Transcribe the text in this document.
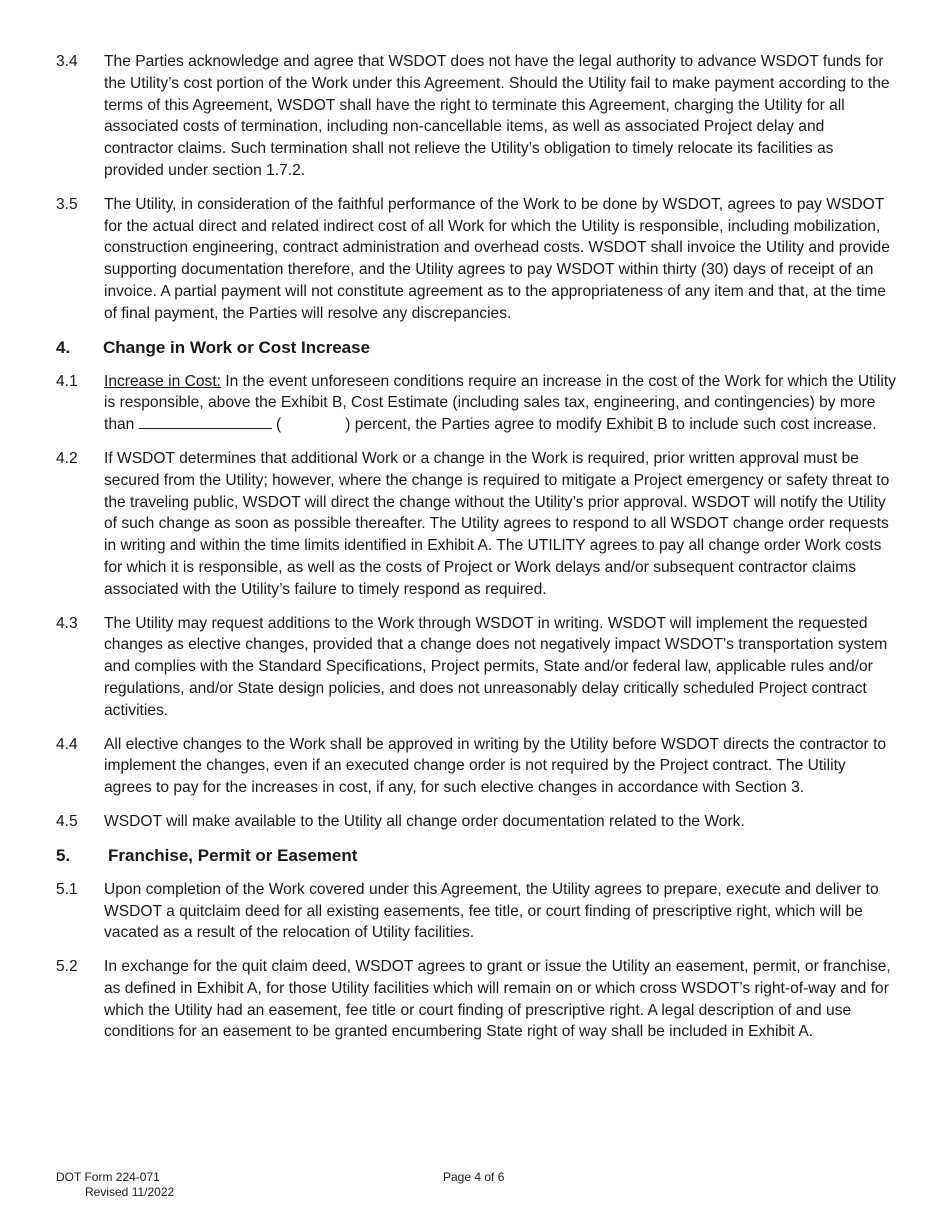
3.4	The Parties acknowledge and agree that WSDOT does not have the legal authority to advance WSDOT funds for the Utility’s cost portion of the Work under this Agreement. Should the Utility fail to make payment according to the terms of this Agreement, WSDOT shall have the right to terminate this Agreement, charging the Utility for all associated costs of termination, including non-cancellable items, as well as associated Project delay and contractor claims. Such termination shall not relieve the Utility’s obligation to timely relocate its facilities as provided under section 1.7.2.
3.5	The Utility, in consideration of the faithful performance of the Work to be done by WSDOT, agrees to pay WSDOT for the actual direct and related indirect cost of all Work for which the Utility is responsible, including mobilization, construction engineering, contract administration and overhead costs. WSDOT shall invoice the Utility and provide supporting documentation therefore, and the Utility agrees to pay WSDOT within thirty (30) days of receipt of an invoice. A partial payment will not constitute agreement as to the appropriateness of any item and that, at the time of final payment, the Parties will resolve any discrepancies.
4.	Change in Work or Cost Increase
4.1	Increase in Cost: In the event unforeseen conditions require an increase in the cost of the Work for which the Utility is responsible, above the Exhibit B, Cost Estimate (including sales tax, engineering, and contingencies) by more than	(	) percent, the Parties agree to modify Exhibit B to include such cost increase.
4.2	If WSDOT determines that additional Work or a change in the Work is required, prior written approval must be secured from the Utility; however, where the change is required to mitigate a Project emergency or safety threat to the traveling public, WSDOT will direct the change without the Utility’s prior approval. WSDOT will notify the Utility of such change as soon as possible thereafter. The Utility agrees to respond to all WSDOT change order requests in writing and within the time limits identified in Exhibit A. The UTILITY agrees to pay all change order Work costs for which it is responsible, as well as the costs of Project or Work delays and/or subsequent contractor claims associated with the Utility’s failure to timely respond as required.
4.3	The Utility may request additions to the Work through WSDOT in writing. WSDOT will implement the requested changes as elective changes, provided that a change does not negatively impact WSDOT’s transportation system and complies with the Standard Specifications, Project permits, State and/or federal law, applicable rules and/or regulations, and/or State design policies, and does not unreasonably delay critically scheduled Project contract activities.
4.4	All elective changes to the Work shall be approved in writing by the Utility before WSDOT directs the contractor to implement the changes, even if an executed change order is not required by the Project contract. The Utility agrees to pay for the increases in cost, if any, for such elective changes in accordance with Section 3.
4.5	WSDOT will make available to the Utility all change order documentation related to the Work.
5.	Franchise, Permit or Easement
5.1	Upon completion of the Work covered under this Agreement, the Utility agrees to prepare, execute and deliver to WSDOT a quitclaim deed for all existing easements, fee title, or court finding of prescriptive right, which will be vacated as a result of the relocation of Utility facilities.
5.2	In exchange for the quit claim deed, WSDOT agrees to grant or issue the Utility an easement, permit, or franchise, as defined in Exhibit A, for those Utility facilities which will remain on or which cross WSDOT’s right-of-way and for which the Utility had an easement, fee title or court finding of prescriptive right. A legal description of and use conditions for an easement to be granted encumbering State right of way shall be included in Exhibit A.
DOT Form 224-071
Revised 11/2022
Page 4 of 6
